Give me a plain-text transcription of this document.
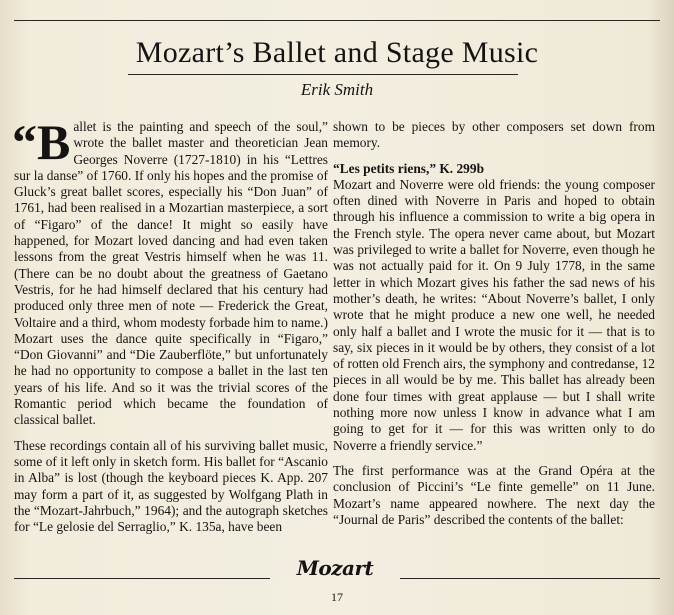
Mozart’s Ballet and Stage Music
Erik Smith

“Ballet is the painting and speech of the soul,” wrote the ballet master and theoretician Jean Georges Noverre (1727-1810) in his “Lettres sur la danse” of 1760. If only his hopes and the promise of Gluck’s great ballet scores, especially his “Don Juan” of 1761, had been realised in a Mozartian masterpiece, a sort of “Figaro” of the dance! It might so easily have happened, for Mozart loved dancing and had even taken lessons from the great Vestris himself when he was 11. (There can be no doubt about the greatness of Gaetano Vestris, for he had himself declared that his century had produced only three men of note — Frederick the Great, Voltaire and a third, whom modesty forbade him to name.) Mozart uses the dance quite specifically in “Figaro,” “Don Giovanni” and “Die Zauberflöte,” but unfortunately he had no opportunity to compose a ballet in the last ten years of his life. And so it was the trivial scores of the Romantic period which became the foundation of classical ballet.

These recordings contain all of his surviving ballet music, some of it left only in sketch form. His ballet for “Ascanio in Alba” is lost (though the keyboard pieces K. App. 207 may form a part of it, as suggested by Wolfgang Plath in the “Mozart-Jahrbuch,” 1964); and the autograph sketches for “Le gelosie del Serraglio,” K. 135a, have been

shown to be pieces by other composers set down from memory.

“Les petits riens,” K. 299b
Mozart and Noverre were old friends: the young composer often dined with Noverre in Paris and hoped to obtain through his influence a commission to write a big opera in the French style. The opera never came about, but Mozart was privileged to write a ballet for Noverre, even though he was not actually paid for it. On 9 July 1778, in the same letter in which Mozart gives his father the sad news of his mother’s death, he writes: “About Noverre’s ballet, I only wrote that he might produce a new one well, he needed only half a ballet and I wrote the music for it — that is to say, six pieces in it would be by others, they consist of a lot of rotten old French airs, the symphony and contredanse, 12 pieces in all would be by me. This ballet has already been done four times with great applause — but I shall write nothing more now unless I know in advance what I am going to get for it — for this was written only to do Noverre a friendly service.”

The first performance was at the Grand Opéra at the conclusion of Piccini’s “Le finte gemelle” on 11 June. Mozart’s name appeared nowhere. The next day the “Journal de Paris” described the contents of the ballet:

Mozart
17
